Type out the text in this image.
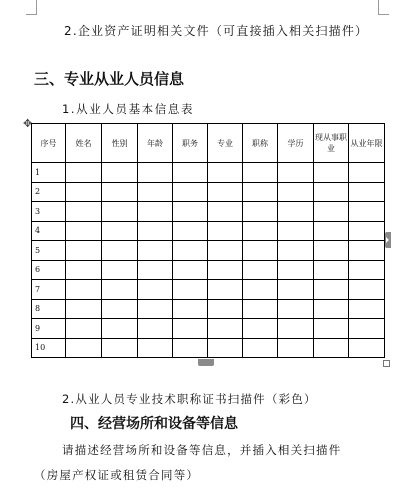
2.企业资产证明相关文件（可直接插入相关扫描件）
三、专业从业人员信息
1.从业人员基本信息表
✥
序号	姓名	性别	年龄	职务	专业	职称	学历	现从事职业	从业年限
1									
2									
3									
4									
5									
6									
7									
8									
9									
10									
2.从业人员专业技术职称证书扫描件（彩色）
四、经营场所和设备等信息
请描述经营场所和设备等信息，并插入相关扫描件
（房屋产权证或租赁合同等）
